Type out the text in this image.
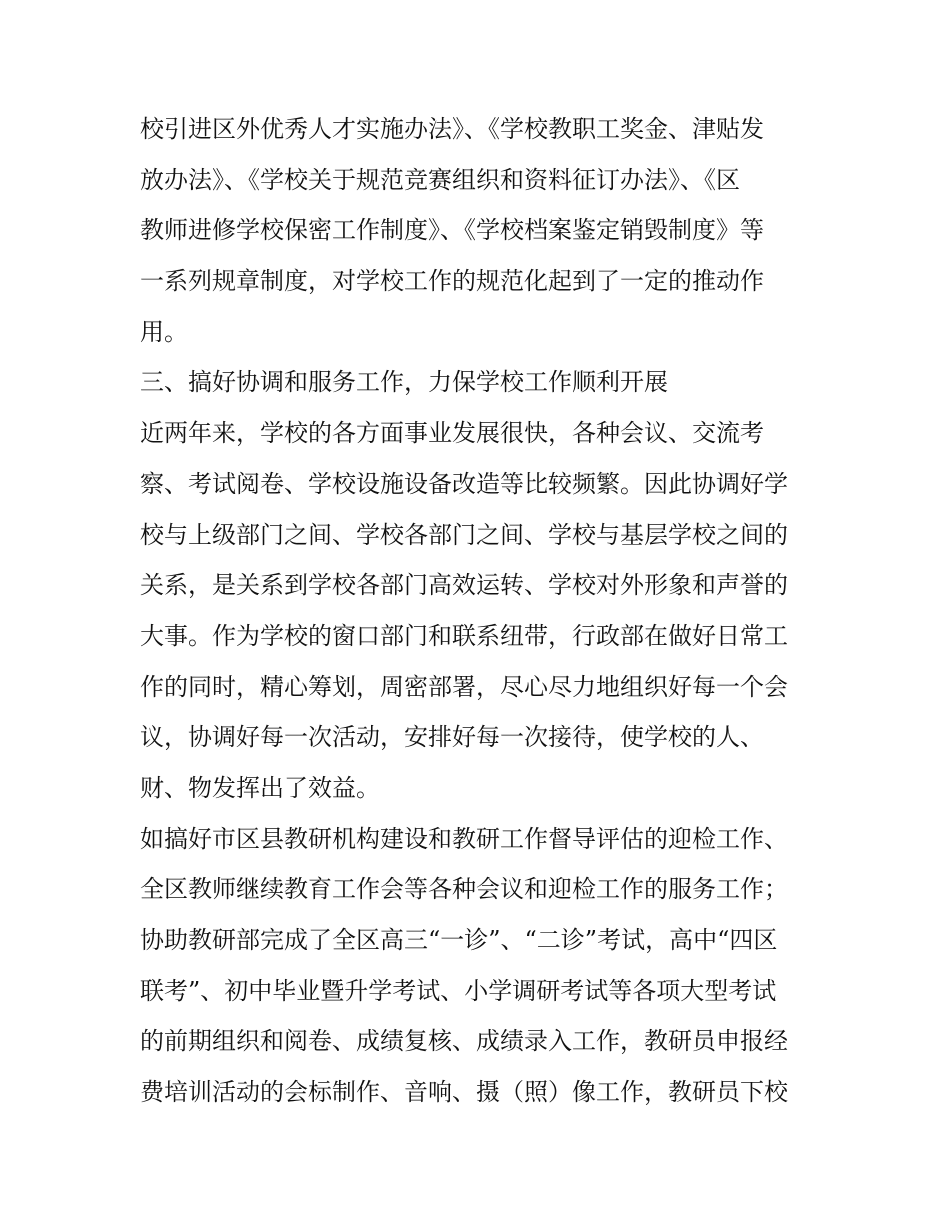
校引进区外优秀人才实施办法》、《学校教职工奖金、津贴发
放办法》、《学校关于规范竞赛组织和资料征订办法》、《区
教师进修学校保密工作制度》、《学校档案鉴定销毁制度》等
一系列规章制度，对学校工作的规范化起到了一定的推动作
用。
三、搞好协调和服务工作，力保学校工作顺利开展
近两年来，学校的各方面事业发展很快，各种会议、交流考
察、考试阅卷、学校设施设备改造等比较频繁。因此协调好学
校与上级部门之间、学校各部门之间、学校与基层学校之间的
关系，是关系到学校各部门高效运转、学校对外形象和声誉的
大事。作为学校的窗口部门和联系纽带，行政部在做好日常工
作的同时，精心筹划，周密部署，尽心尽力地组织好每一个会
议，协调好每一次活动，安排好每一次接待，使学校的人、
财、物发挥出了效益。
如搞好市区县教研机构建设和教研工作督导评估的迎检工作、
全区教师继续教育工作会等各种会议和迎检工作的服务工作；
协助教研部完成了全区高三“一诊”、“二诊”考试，高中“四区
联考”、初中毕业暨升学考试、小学调研考试等各项大型考试
的前期组织和阅卷、成绩复核、成绩录入工作，教研员申报经
费培训活动的会标制作、音响、摄（照）像工作，教研员下校
